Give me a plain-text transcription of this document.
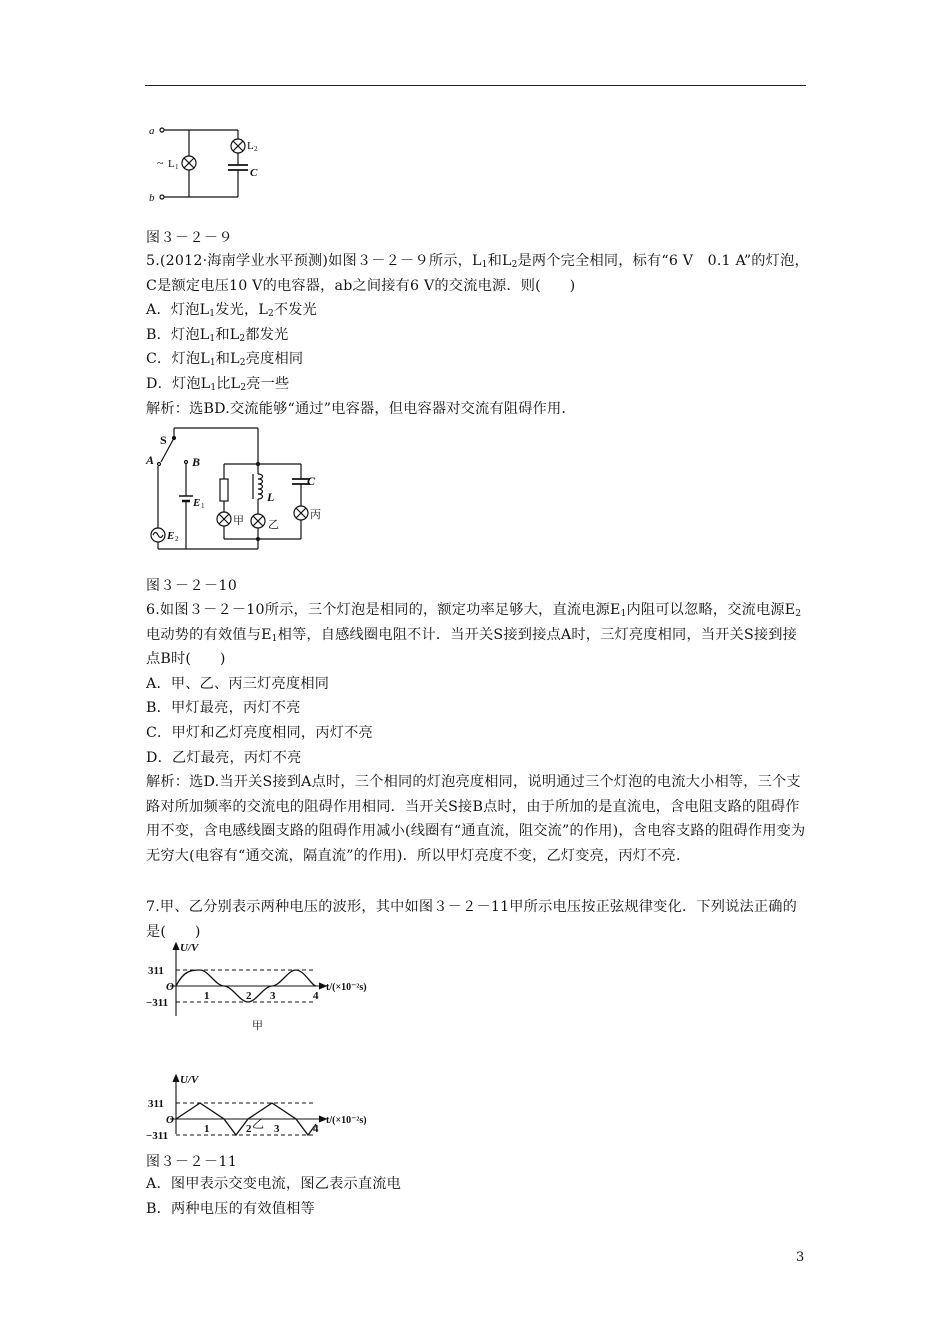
a
b
~ L 1
L 2
C
图３－２－９

5.(2012·海南学业水平预测)如图３－２－９所示，$L_1$和$L_2$是两个完全相同，标有“6 V　0.1 A”的灯泡，C是额定电压10 V的电容器，ab之间接有6 V的交流电源．则(　　)

A．灯泡$L_1$发光，$L_2$不发光

B．灯泡$L_1$和$L_2$都发光

C．灯泡$L_1$和$L_2$亮度相同

D．灯泡$L_1$比$L_2$亮一些

解析：选BD.交流能够“通过”电容器，但电容器对交流有阻碍作用．

S
A	B
E 1
E 2
L
C
甲 乙
丙
图３－２－10

6.如图３－２－10所示，三个灯泡是相同的，额定功率足够大，直流电源$E_1$内阻可以忽略，交流电源$E_2$电动势的有效值与$E_1$相等，自感线圈电阻不计．当开关S接到接点A时，三灯亮度相同，当开关S接到接点B时(　　)

A．甲、乙、丙三灯亮度相同

B．甲灯最亮，丙灯不亮

C．甲灯和乙灯亮度相同，丙灯不亮

D．乙灯最亮，丙灯不亮

解析：选D.当开关S接到A点时，三个相同的灯泡亮度相同，说明通过三个灯泡的电流大小相等，三个支路对所加频率的交流电的阻碍作用相同．当开关S接B点时，由于所加的是直流电，含电阻支路的阻碍作用不变，含电感线圈支路的阻碍作用减小(线圈有“通直流，阻交流”的作用)，含电容支路的阻碍作用变为无穷大(电容有“通交流，隔直流”的作用)．所以甲灯亮度不变，乙灯变亮，丙灯不亮.

7.甲、乙分别表示两种电压的波形，其中如图３－２－11甲所示电压按正弦规律变化．下列说法正确的是(　　)

U/V
311
O
−311
1	2 3	4
t/(×10⁻²s)
甲
U/V
311
O
−311
1	2 3	4
t/(×10⁻²s)
乙
图３－２－11

A．图甲表示交变电流，图乙表示直流电

B．两种电压的有效值相等

3
